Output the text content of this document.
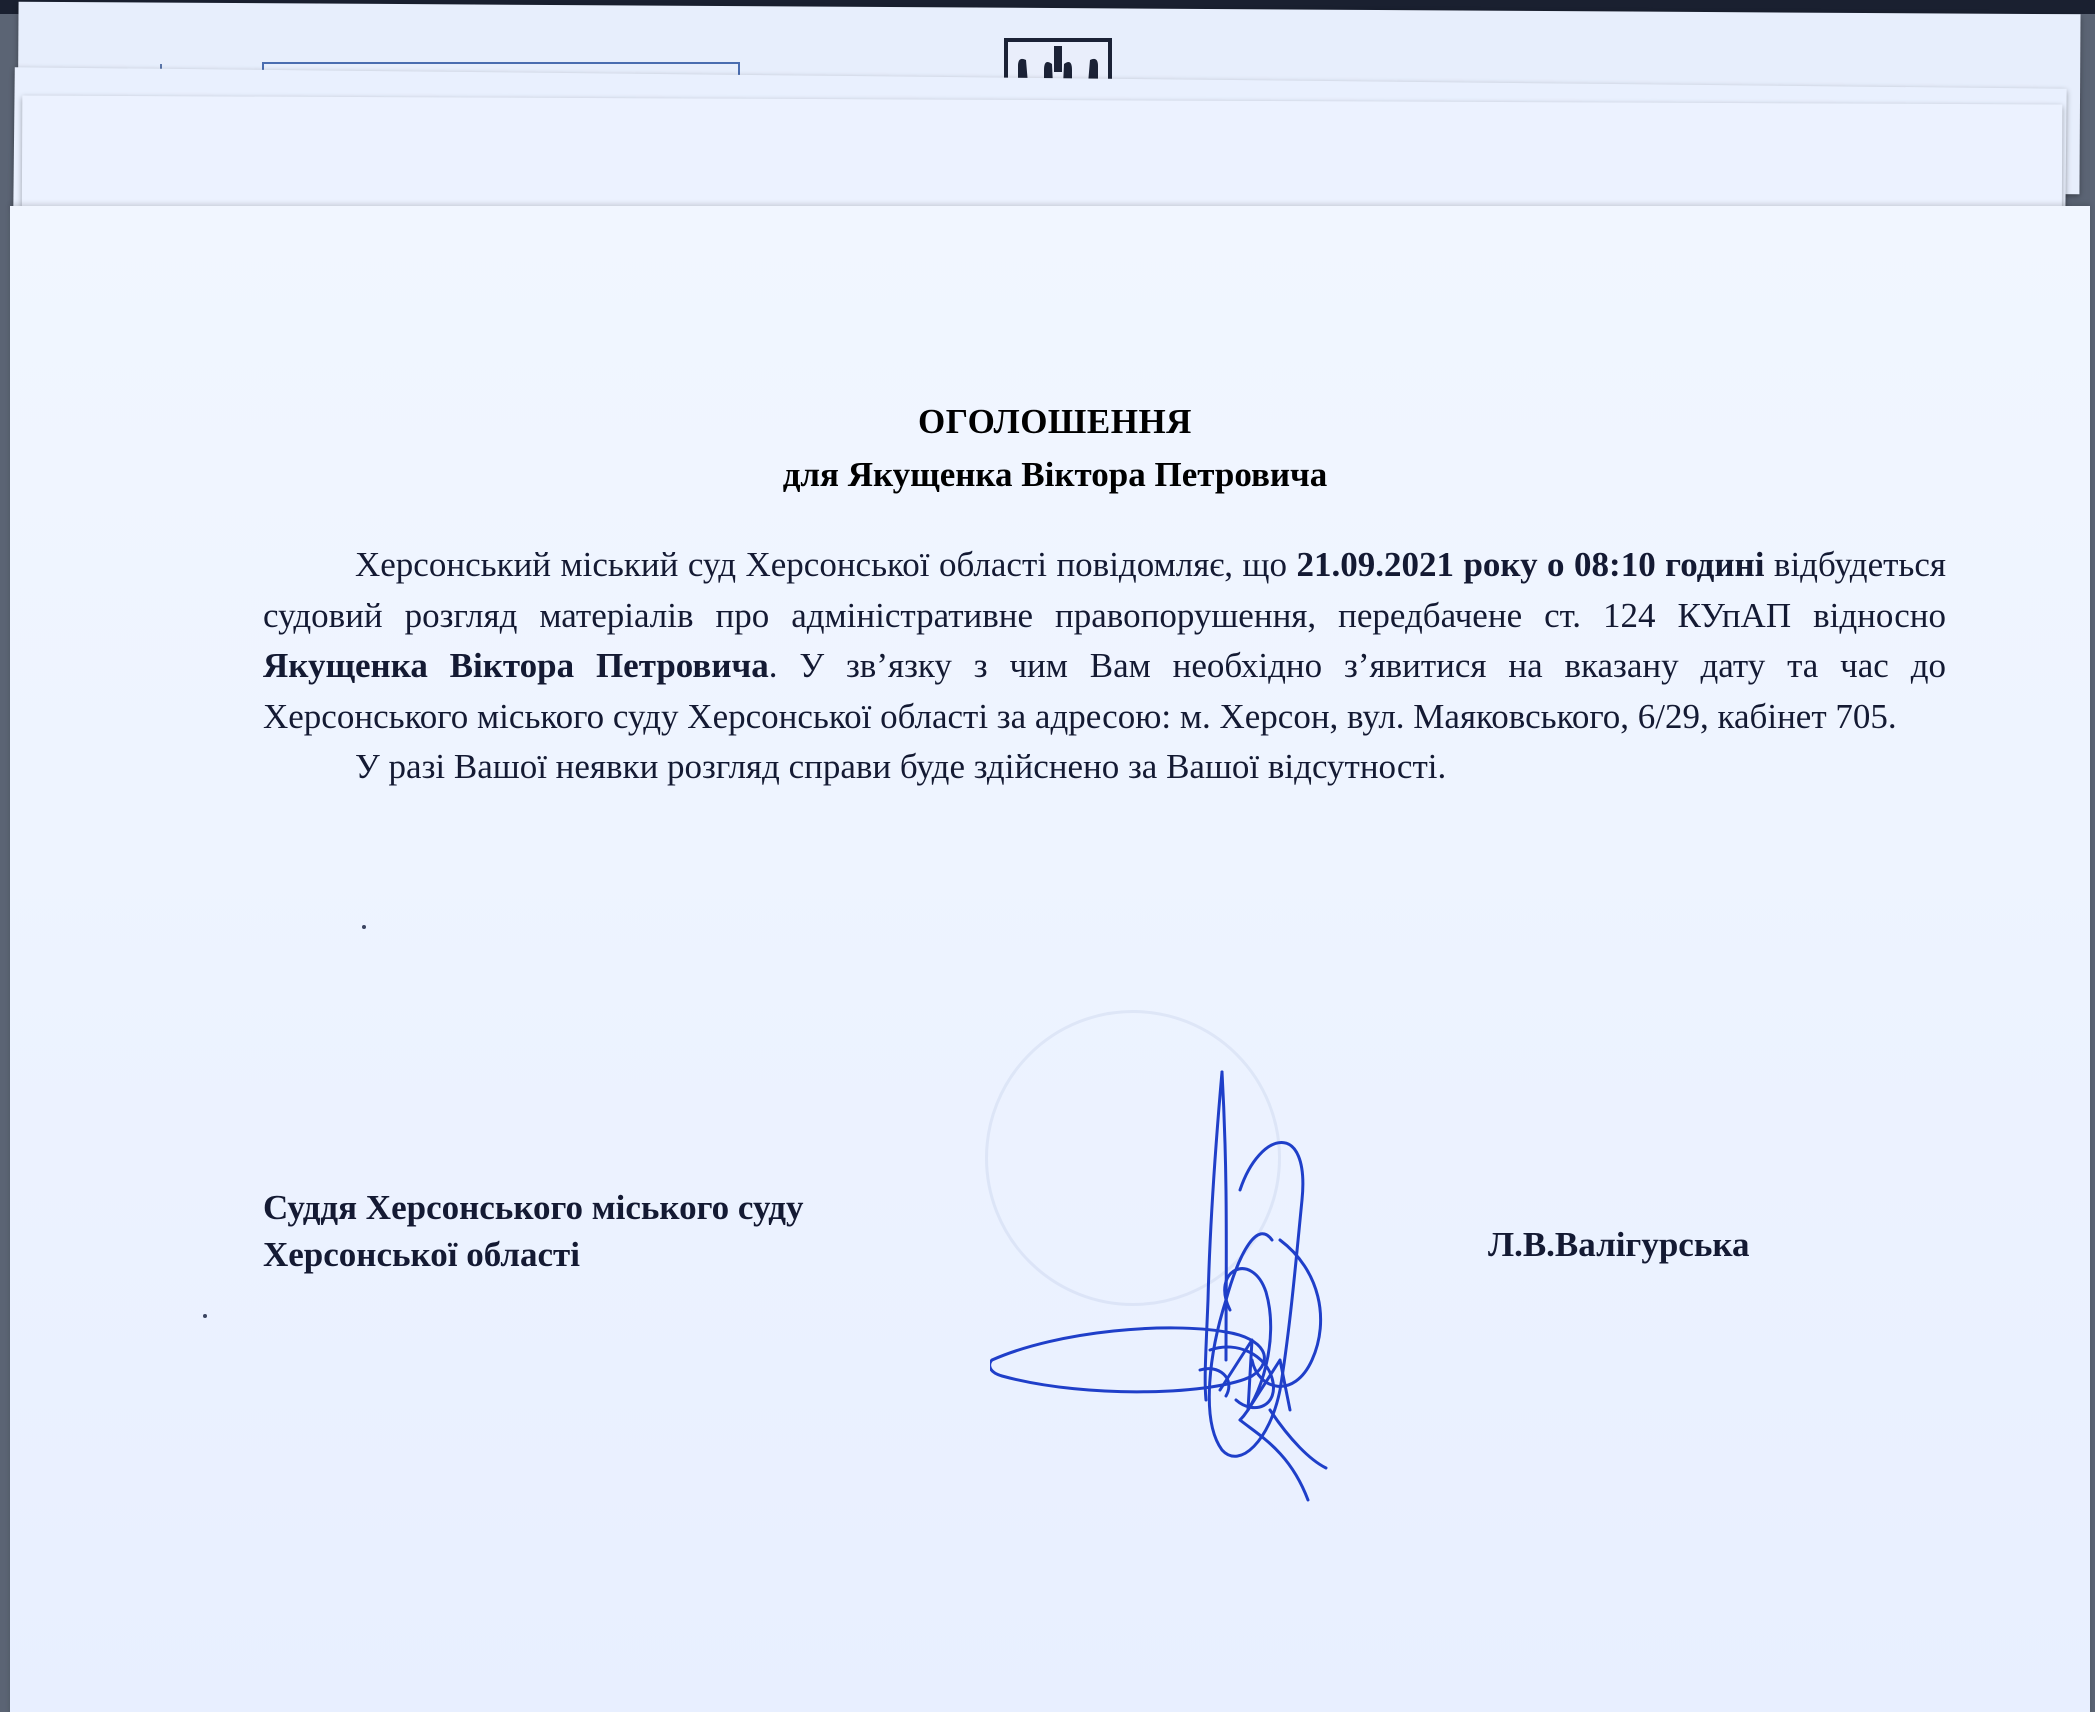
ОГОЛОШЕННЯ
для Якущенка Віктора Петровича

Херсонський міський суд Херсонської області повідомляє, що 21.09.2021 року о 08:10 годині відбудеться судовий розгляд матеріалів про адміністративне правопорушення, передбачене ст. 124 КУпАП відносно Якущенка Віктора Петровича. У зв’язку з чим Вам необхідно з’явитися на вказану дату та час до Херсонського міського суду Херсонської області за адресою: м. Херсон, вул. Маяковського, 6/29, кабінет 705.

У разі Вашої неявки розгляд справи буде здійснено за Вашої відсутності.

Суддя Херсонського міського суду
Херсонської області	Л.В.Валігурська
